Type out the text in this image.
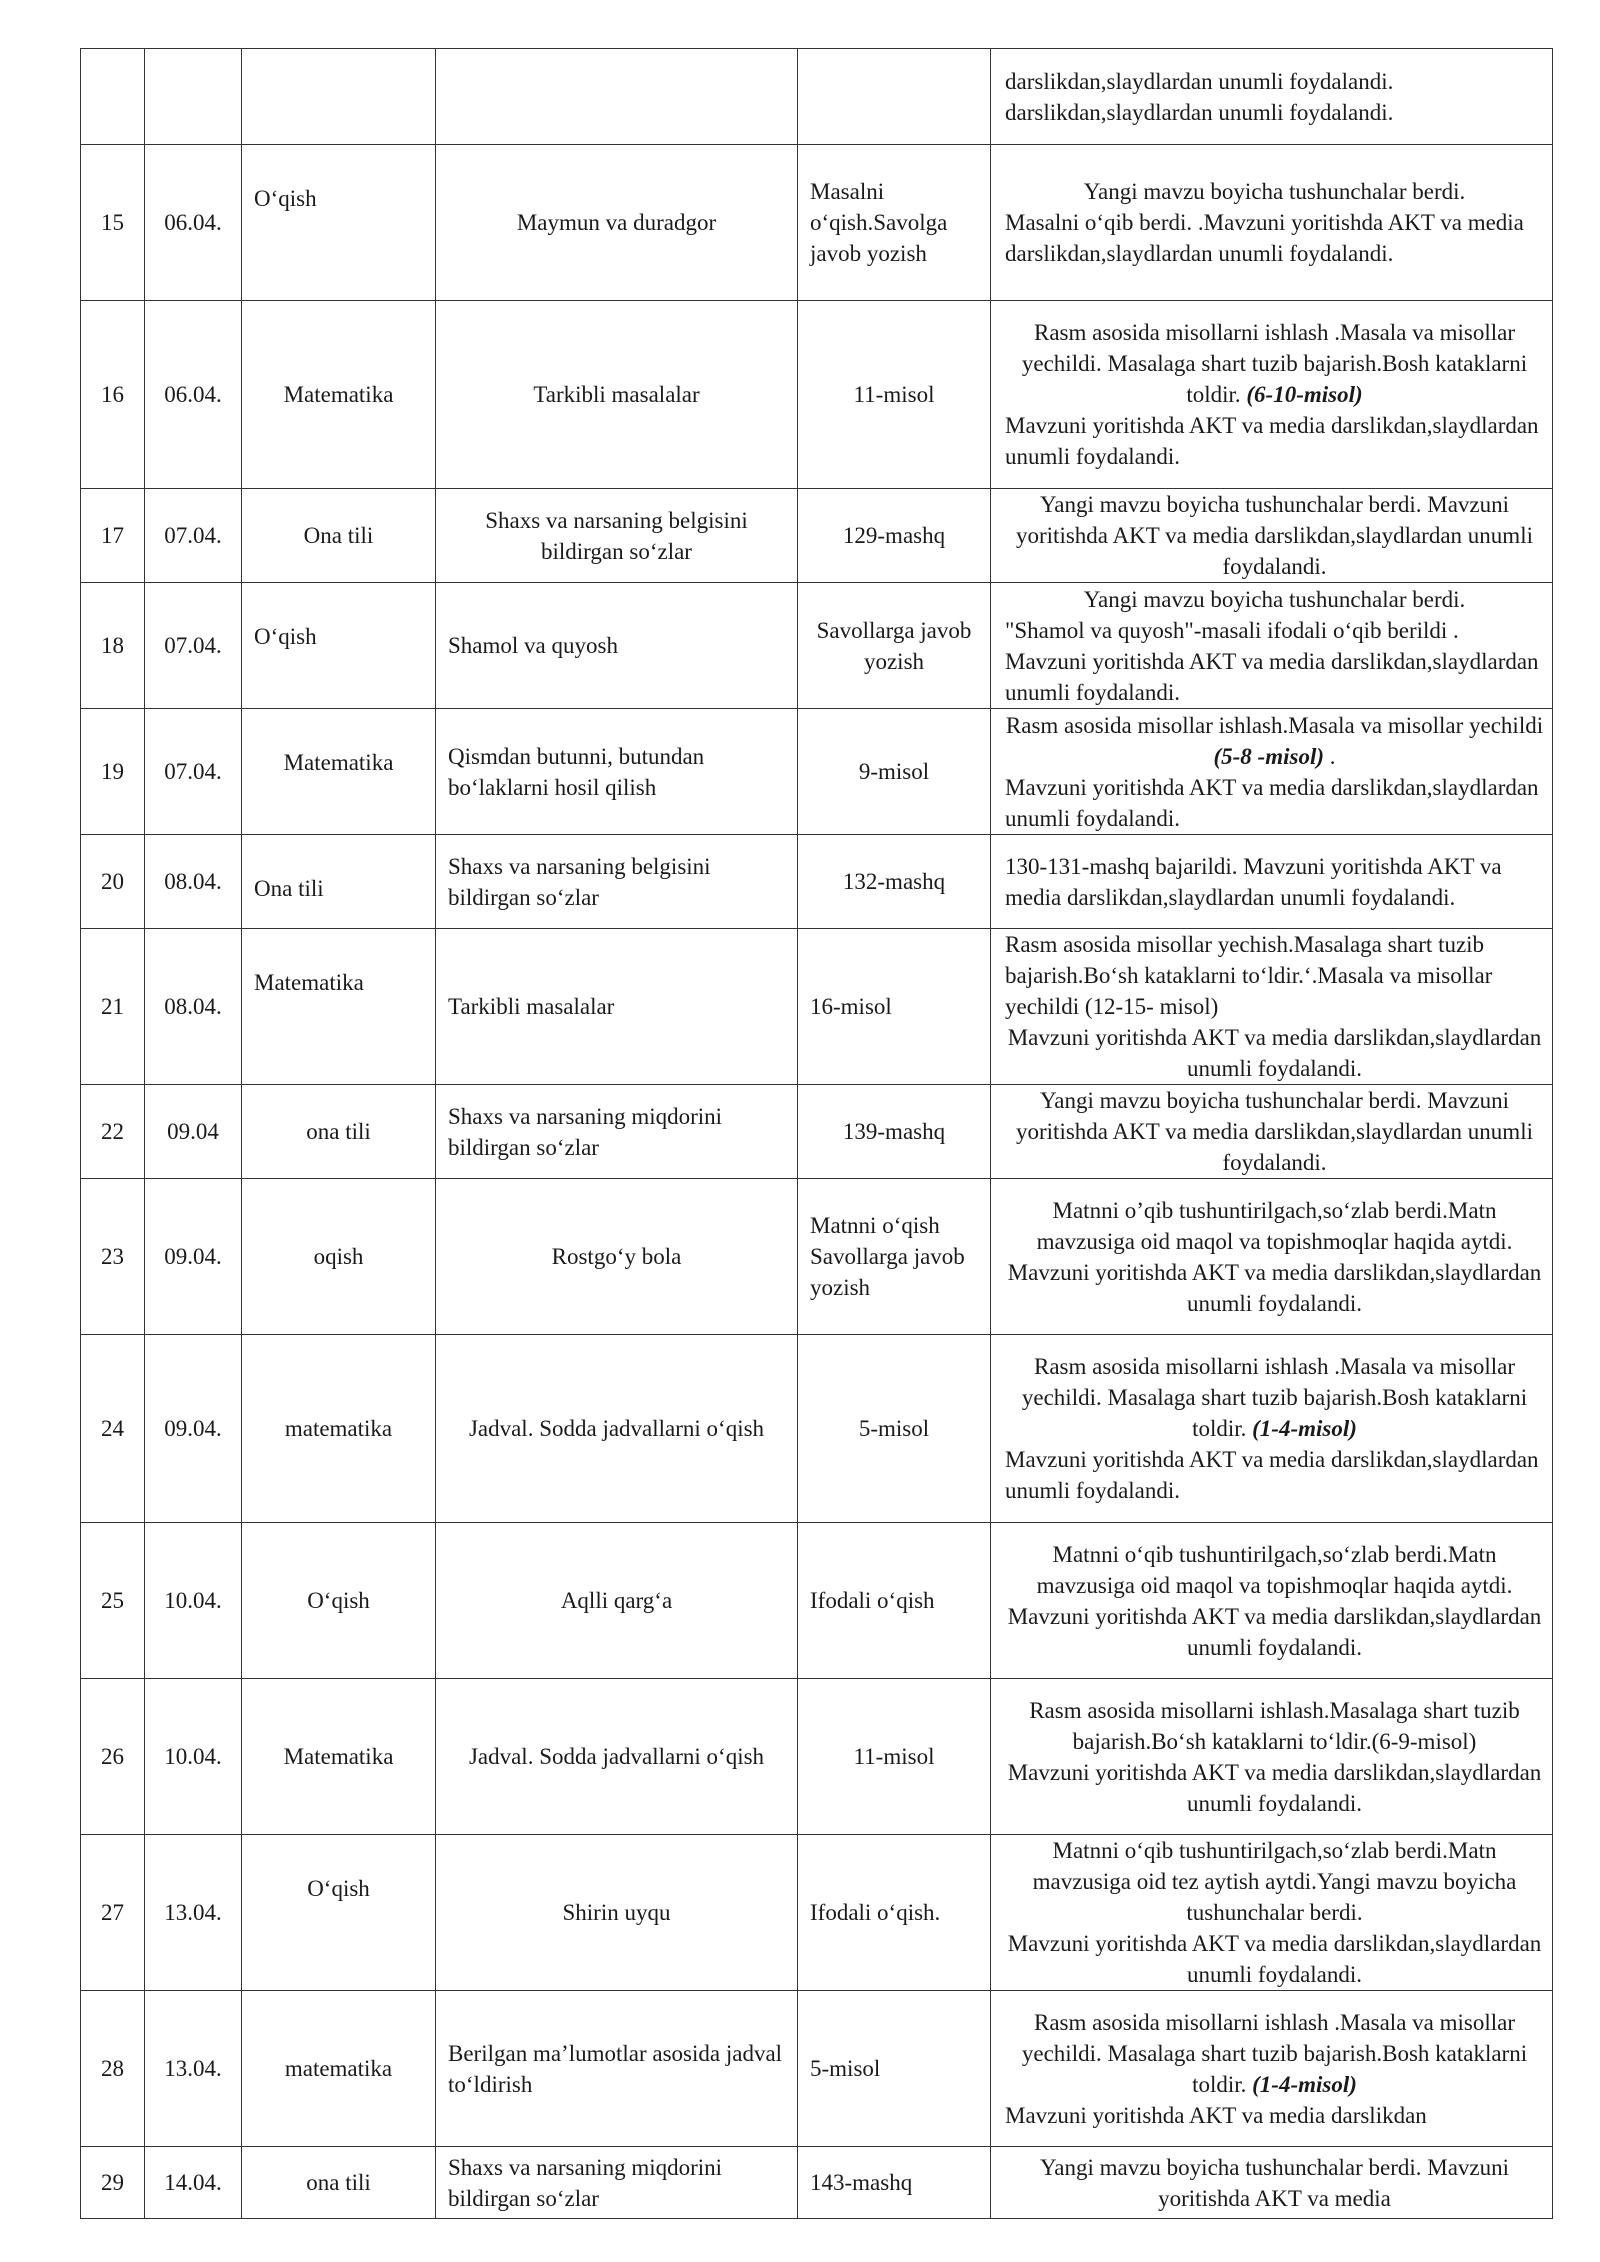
					darslikdan,slaydlardan unumli foydalandi.
darslikdan,slaydlardan unumli foydalandi.

15	06.04.	O‘qish	Maymun va duradgor	Masalni o‘qish.Savolga javob yozish	Yangi mavzu boyicha tushunchalar berdi.
Masalni o‘qib berdi. .Mavzuni yoritishda AKT va media darslikdan,slaydlardan unumli foydalandi.

16	06.04.	Matematika	Tarkibli masalalar	11-misol	Rasm asosida misollarni ishlash .Masala va misollar yechildi. Masalaga shart tuzib bajarish.Bosh kataklarni toldir. (6-10-misol)
Mavzuni yoritishda AKT va media darslikdan,slaydlardan unumli foydalandi.

17	07.04.	Ona tili	Shaxs va narsaning belgisini bildirgan so‘zlar	129-mashq	Yangi mavzu boyicha tushunchalar berdi. Mavzuni yoritishda AKT va media darslikdan,slaydlardan unumli foydalandi.

18	07.04.	O‘qish	Shamol va quyosh	Savollarga javob yozish	Yangi mavzu boyicha tushunchalar berdi.
"Shamol va quyosh"-masali ifodali o‘qib berildi . Mavzuni yoritishda AKT va media darslikdan,slaydlardan unumli foydalandi.

19	07.04.	Matematika	Qismdan butunni, butundan bo‘laklarni hosil qilish	9-misol	Rasm asosida misollar ishlash.Masala va misollar yechildi (5-8 -misol) .
Mavzuni yoritishda AKT va media darslikdan,slaydlardan unumli foydalandi.

20	08.04.	Ona tili	Shaxs va narsaning belgisini bildirgan so‘zlar	132-mashq	130-131-mashq bajarildi. Mavzuni yoritishda AKT va media darslikdan,slaydlardan unumli foydalandi.

21	08.04.	Matematika	Tarkibli masalalar	16-misol	Rasm asosida misollar yechish.Masalaga shart tuzib bajarish.Bo‘sh kataklarni to‘ldir.‘.Masala va misollar yechildi (12-15- misol)
Mavzuni yoritishda AKT va media darslikdan,slaydlardan unumli foydalandi.

22	09.04	ona tili	Shaxs va narsaning miqdorini bildirgan so‘zlar	139-mashq	Yangi mavzu boyicha tushunchalar berdi. Mavzuni yoritishda AKT va media darslikdan,slaydlardan unumli foydalandi.

23	09.04.	oqish	Rostgo‘y bola	Matnni o‘qish Savollarga javob yozish	Matnni o’qib tushuntirilgach,so‘zlab berdi.Matn mavzusiga oid maqol va topishmoqlar haqida aytdi.
Mavzuni yoritishda AKT va media darslikdan,slaydlardan unumli foydalandi.

24	09.04.	matematika	Jadval. Sodda jadvallarni o‘qish	5-misol	Rasm asosida misollarni ishlash .Masala va misollar yechildi. Masalaga shart tuzib bajarish.Bosh kataklarni toldir. (1-4-misol)
Mavzuni yoritishda AKT va media darslikdan,slaydlardan unumli foydalandi.

25	10.04.	O‘qish	Aqlli qarg‘a	Ifodali o‘qish	Matnni o‘qib tushuntirilgach,so‘zlab berdi.Matn mavzusiga oid maqol va topishmoqlar haqida aytdi.
Mavzuni yoritishda AKT va media darslikdan,slaydlardan unumli foydalandi.

26	10.04.	Matematika	Jadval. Sodda jadvallarni o‘qish	11-misol	Rasm asosida misollarni ishlash.Masalaga shart tuzib bajarish.Bo‘sh kataklarni to‘ldir.(6-9-misol)
Mavzuni yoritishda AKT va media darslikdan,slaydlardan unumli foydalandi.

27	13.04.	O‘qish	Shirin uyqu	Ifodali o‘qish.	Matnni o‘qib tushuntirilgach,so‘zlab berdi.Matn mavzusiga oid tez aytish aytdi.Yangi mavzu boyicha tushunchalar berdi.
Mavzuni yoritishda AKT va media darslikdan,slaydlardan unumli foydalandi.

28	13.04.	matematika	Berilgan ma’lumotlar asosida jadval to‘ldirish	5-misol	Rasm asosida misollarni ishlash .Masala va misollar yechildi. Masalaga shart tuzib bajarish.Bosh kataklarni toldir. (1-4-misol)
Mavzuni yoritishda AKT va media darslikdan

29	14.04.	ona tili	Shaxs va narsaning miqdorini bildirgan so‘zlar	143-mashq	Yangi mavzu boyicha tushunchalar berdi. Mavzuni yoritishda AKT va media
